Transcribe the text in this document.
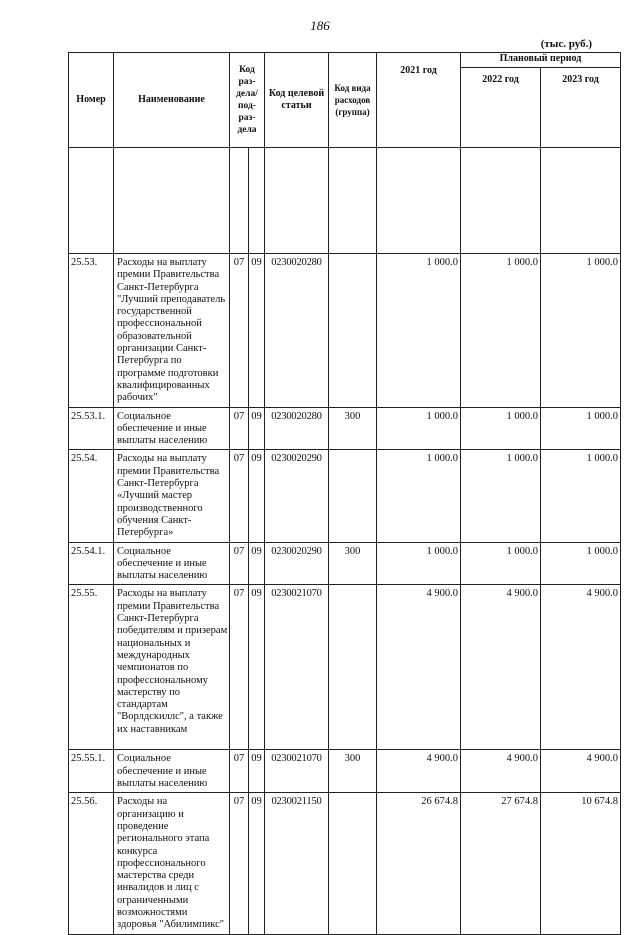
186
(тыс. руб.)
Номер	Наименование	Код раз-дела/ под-раз-дела		Код целевой статьи	Код вида расходов (группа)	2021 год	Плановый период	
							2022 год	2023 год

25.53.	Расходы на выплату премии Правительства Санкт-Петербурга "Лучший преподаватель государственной профессиональной образовательной организации Санкт-Петербурга по программе подготовки квалифицированных рабочих"	07	09	0230020280		1 000.0	1 000.0	1 000.0
25.53.1.	Социальное обеспечение и иные выплаты населению	07	09	0230020280	300	1 000.0	1 000.0	1 000.0
25.54.	Расходы на выплату премии Правительства Санкт-Петербурга «Лучший мастер производственного обучения Санкт-Петербурга»	07	09	0230020290		1 000.0	1 000.0	1 000.0
25.54.1.	Социальное обеспечение и иные выплаты населению	07	09	0230020290	300	1 000.0	1 000.0	1 000.0
25.55.	Расходы на выплату премии Правительства Санкт-Петербурга победителям и призерам национальных и международных чемпионатов по профессиональному мастерству по стандартам "Ворлдскиллс", а также их наставникам	07	09	0230021070		4 900.0	4 900.0	4 900.0
25.55.1.	Социальное обеспечение и иные выплаты населению	07	09	0230021070	300	4 900.0	4 900.0	4 900.0
25.56.	Расходы на организацию и проведение регионального этапа конкурса профессионального мастерства среди инвалидов и лиц с ограниченными возможностями здоровья "Абилимпикс"	07	09	0230021150		26 674.8	27 674.8	10 674.8
